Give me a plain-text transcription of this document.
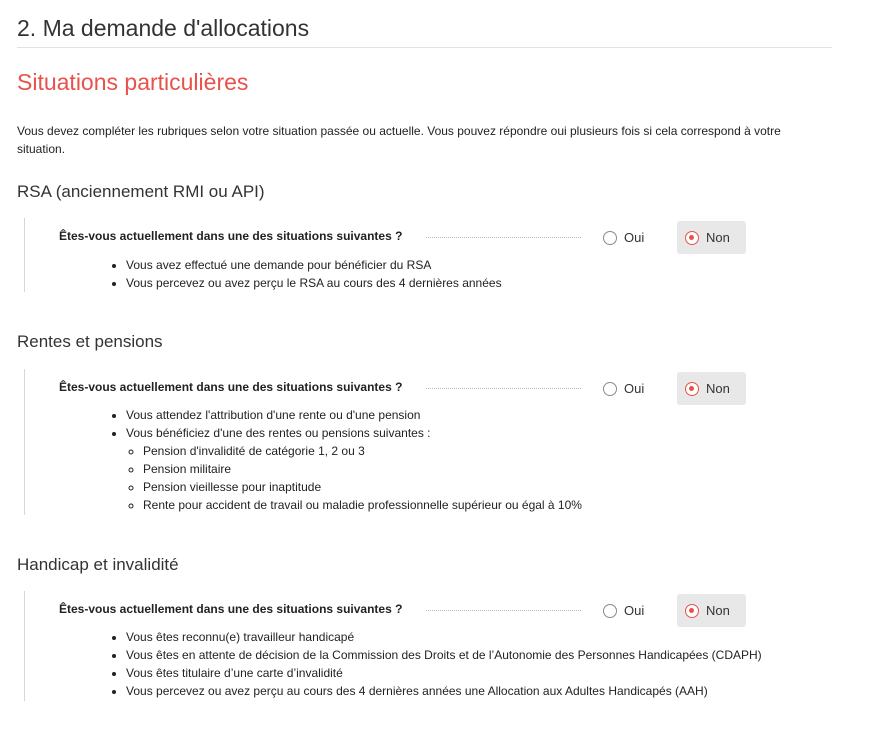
2. Ma demande d'allocations
Situations particulières

Vous devez compléter les rubriques selon votre situation passée ou actuelle. Vous pouvez répondre oui plusieurs fois si cela correspond à votre situation.

RSA (anciennement RMI ou API)
Êtes-vous actuellement dans une des situations suivantes ?	Oui	Non
• Vous avez effectué une demande pour bénéficier du RSA
• Vous percevez ou avez perçu le RSA au cours des 4 dernières années
Rentes et pensions
Êtes-vous actuellement dans une des situations suivantes ?	Oui	Non
• Vous attendez l'attribution d'une rente ou d'une pension
• Vous bénéficiez d'une des rentes ou pensions suivantes :
◦ Pension d'invalidité de catégorie 1, 2 ou 3
◦ Pension militaire
◦ Pension vieillesse pour inaptitude
◦ Rente pour accident de travail ou maladie professionnelle supérieur ou égal à 10%
Handicap et invalidité
Êtes-vous actuellement dans une des situations suivantes ?	Oui	Non
• Vous êtes reconnu(e) travailleur handicapé
• Vous êtes en attente de décision de la Commission des Droits et de l’Autonomie des Personnes Handicapées (CDAPH)
• Vous êtes titulaire d’une carte d’invalidité
• Vous percevez ou avez perçu au cours des 4 dernières années une Allocation aux Adultes Handicapés (AAH)
